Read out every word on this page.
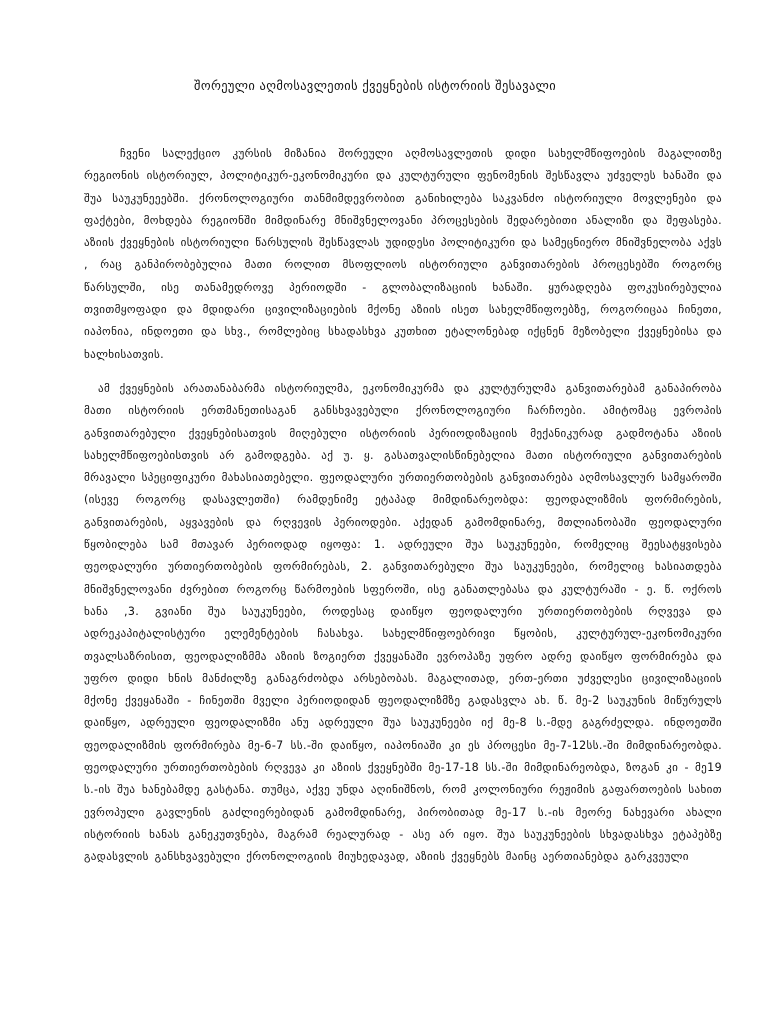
შორეული აღმოსავლეთის ქვეყნების ისტორიის შესავალი

ჩვენი სალექციო კურსის მიზანია შორეული აღმოსავლეთის დიდი სახელმწიფოების მაგალითზე რეგიონის ისტორიულ, პოლიტიკურ-ეკონომიკური და კულტურული ფენომენის შესწავლა უძველეს ხანაში და შუა საუკუნეეებში. ქრონოლოგიური თანმიმდევრობით განიხილება საკვანძო ისტორიული მოვლენები და ფაქტები, მოხდება რეგიონში მიმდინარე მნიშვნელოვანი პროცესების შედარებითი ანალიზი და შეფასება. აზიის ქვეყნების ისტორიული წარსულის შესწავლას უდიდესი პოლიტიკური და სამეცნიერო მნიშვნელობა აქვს , რაც განპირობებულია მათი როლით მსოფლიოს ისტორიული განვითარების პროცესებში როგორც წარსულში, ისე თანამედროვე პერიოდში - გლობალიზაციის ხანაში. ყურადღება ფოკუსირებულია თვითმყოფადი და მდიდარი ცივილიზაციების მქონე აზიის ისეთ სახელმწიფოებზე, როგორიცაა ჩინეთი, იაპონია, ინდოეთი და სხვ., რომლებიც სხადასხვა კუთხით ეტალონებად იქცნენ მეზობელი ქვეყნებისა და ხალხისათვის.

ამ ქვეყნების არათანაბარმა ისტორიულმა, ეკონომიკურმა და კულტურულმა განვითარებამ განაპირობა მათი ისტორიის ერთმანეთისაგან განსხვავებული ქრონოლოგიური ჩარჩოები. ამიტომაც ევროპის განვითარებული ქვეყნებისათვის მიღებული ისტორიის პერიოდიზაციის მექანიკურად გადმოტანა აზიის სახელმწიფოებისთვის არ გამოდგება. აქ უ. ყ. გასათვალისწინებელია მათი ისტორიული განვითარების მრავალი სპეციფიკური მახასიათებელი. ფეოდალური ურთიერთობების განვითარება აღმოსავლურ სამყაროში (ისევე როგორც დასავლეთში) რამდენიმე ეტაპად მიმდინარეობდა: ფეოდალიზმის ფორმირების, განვითარების, აყვავების და რღვევის პერიოდები. აქედან გამომდინარე, მთლიანობაში ფეოდალური წყობილება სამ მთავარ პერიოდად იყოფა: 1. ადრეული შუა საუკუნეები, რომელიც შეესატყვისება ფეოდალური ურთიერთობების ფორმირებას, 2. განვითარებული შუა საუკუნეები, რომელიც ხასიათდება მნიშვნელოვანი ძვრებით როგორც წარმოების სფეროში, ისე განათლებასა და კულტურაში - ე. წ. ოქროს ხანა ,3. გვიანი შუა საუკუნეები, როდესაც დაიწყო ფეოდალური ურთიერთობების რღვევა და ადრეკაპიტალისტური ელემენტების ჩასახვა. სახელმწიფოებრივი წყობის, კულტურულ-ეკონომიკური თვალსაზრისით, ფეოდალიზმმა აზიის ზოგიერთ ქვეყანაში ევროპაზე უფრო ადრე დაიწყო ფორმირება და უფრო დიდი ხნის მანძილზე განაგრძობდა არსებობას. მაგალითად, ერთ-ერთი უძველესი ცივილიზაციის მქონე ქვეყანაში - ჩინეთში მველი პერიოდიდან ფეოდალიზმზე გადასვლა ახ. წ. მე-2 საუკუნის მიწურულს დაიწყო, ადრეული ფეოდალიზმი ანუ ადრეული შუა საუკუნეები იქ მე-8 ს.-მდე გაგრძელდა. ინდოეთში ფეოდალიზმის ფორმირება მე-6-7 სს.-ში დაიწყო, იაპონიაში კი ეს პროცესი მე-7-12სს.-ში მიმდინარეობდა. ფეოდალური ურთიერთობების რღვევა კი აზიის ქვეყნებში მე-17-18 სს.-ში მიმდინარეობდა, ზოგან კი - მე19 ს.-ის შუა ხანებამდე გასტანა. თუმცა, აქვე უნდა აღინიშნოს, რომ კოლონიური რეჟიმის გაფართოების სახით ევროპული გავლენის გაძლიერებიდან გამომდინარე, პირობითად მე-17 ს.-ის მეორე ნახევარი ახალი ისტორიის ხანას განეკუთვნება, მაგრამ რეალურად - ასე არ იყო. შუა საუკუნეების სხვადასხვა ეტაპებზე გადასვლის განსხვავებული ქრონოლოგიის მიუხედავად, აზიის ქვეყნებს მაინც აერთიანებდა გარკვეული
